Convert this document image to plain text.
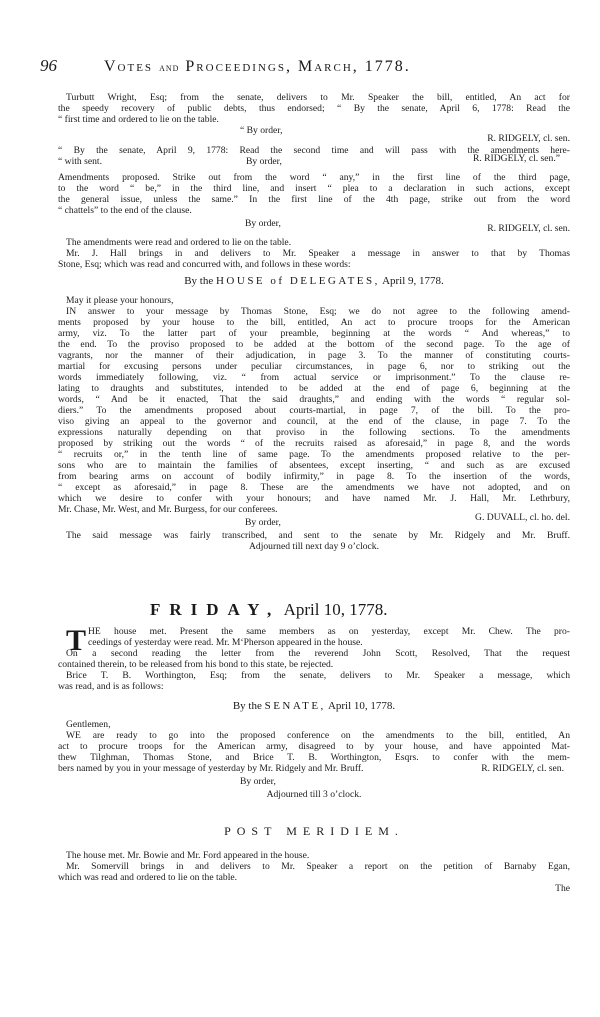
96	Votes and Proceedings, March, 1778.
Turbutt Wright, Esq; from the senate, delivers to Mr. Speaker the bill, entitled, An act for
the speedy recovery of public debts, thus endorsed; “ By the senate, April 6, 1778: Read the
“ first time and ordered to lie on the table.
“ By order,
R. RIDGELY, cl. sen.
“ By the senate, April 9, 1778: Read the second time and will pass with the amendments here-
“ with sent.	By order,	R. RIDGELY, cl. sen.”
Amendments proposed. Strike out from the word “ any,” in the first line of the third page,
to the word “ be,” in the third line, and insert “ plea to a declaration in such actions, except
the general issue, unless the same.” In the first line of the 4th page, strike out from the word
“ chattels” to the end of the clause.
By order,	R. RIDGELY, cl. sen.
The amendments were read and ordered to lie on the table.
Mr. J. Hall brings in and delivers to Mr. Speaker a message in answer to that by Thomas
Stone, Esq; which was read and concurred with, and follows in these words:
By the HOUSE of DELEGATES, April 9, 1778.
May it please your honours,
IN answer to your message by Thomas Stone, Esq; we do not agree to the following amend-
ments proposed by your house to the bill, entitled, An act to procure troops for the American
army, viz. To the latter part of your preamble, beginning at the words “ And whereas,” to
the end. To the proviso proposed to be added at the bottom of the second page. To the age of
vagrants, nor the manner of their adjudication, in page 3. To the manner of constituting courts-
martial for excusing persons under peculiar circumstances, in page 6, nor to striking out the
words immediately following, viz. “ from actual service or imprisonment.” To the clause re-
lating to draughts and substitutes, intended to be added at the end of page 6, beginning at the
words, “ And be it enacted, That the said draughts,” and ending with the words “ regular sol-
diers.” To the amendments proposed about courts-martial, in page 7, of the bill. To the pro-
viso giving an appeal to the governor and council, at the end of the clause, in page 7. To the
expressions naturally depending on that proviso in the following sections. To the amendments
proposed by striking out the words “ of the recruits raised as aforesaid,” in page 8, and the words
“ recruits or,” in the tenth line of same page. To the amendments proposed relative to the per-
sons who are to maintain the families of absentees, except inserting, “ and such as are excused
from bearing arms on account of bodily infirmity,” in page 8. To the insertion of the words,
“ except as aforesaid,” in page 8. These are the amendments we have not adopted, and on
which we desire to confer with your honours; and have named Mr. J. Hall, Mr. Lethrbury,
Mr. Chase, Mr. West, and Mr. Burgess, for our conferees.
By order,	G. DUVALL, cl. ho. del.
The said message was fairly transcribed, and sent to the senate by Mr. Ridgely and Mr. Bruff.
Adjourned till next day 9 o’clock.
FRIDAY, April 10, 1778.
T HE house met. Present the same members as on yesterday, except Mr. Chew. The pro-
ceedings of yesterday were read. Mr. M‘Pherson appeared in the house.
On a second reading the letter from the reverend John Scott, Resolved, That the request
contained therein, to be released from his bond to this state, be rejected.
Brice T. B. Worthington, Esq; from the senate, delivers to Mr. Speaker a message, which
was read, and is as follows:
By the SENATE, April 10, 1778.
Gentlemen,
WE are ready to go into the proposed conference on the amendments to the bill, entitled, An
act to procure troops for the American army, disagreed to by your house, and have appointed Mat-
thew Tilghman, Thomas Stone, and Brice T. B. Worthington, Esqrs. to confer with the mem-
bers named by you in your message of yesterday by Mr. Ridgely and Mr. Bruff.
By order,
R. RIDGELY, cl. sen.
Adjourned till 3 o’clock.
POST MERIDIEM.
The house met. Mr. Bowie and Mr. Ford appeared in the house.
Mr. Somervill brings in and delivers to Mr. Speaker a report on the petition of Barnaby Egan,
which was read and ordered to lie on the table.
The
